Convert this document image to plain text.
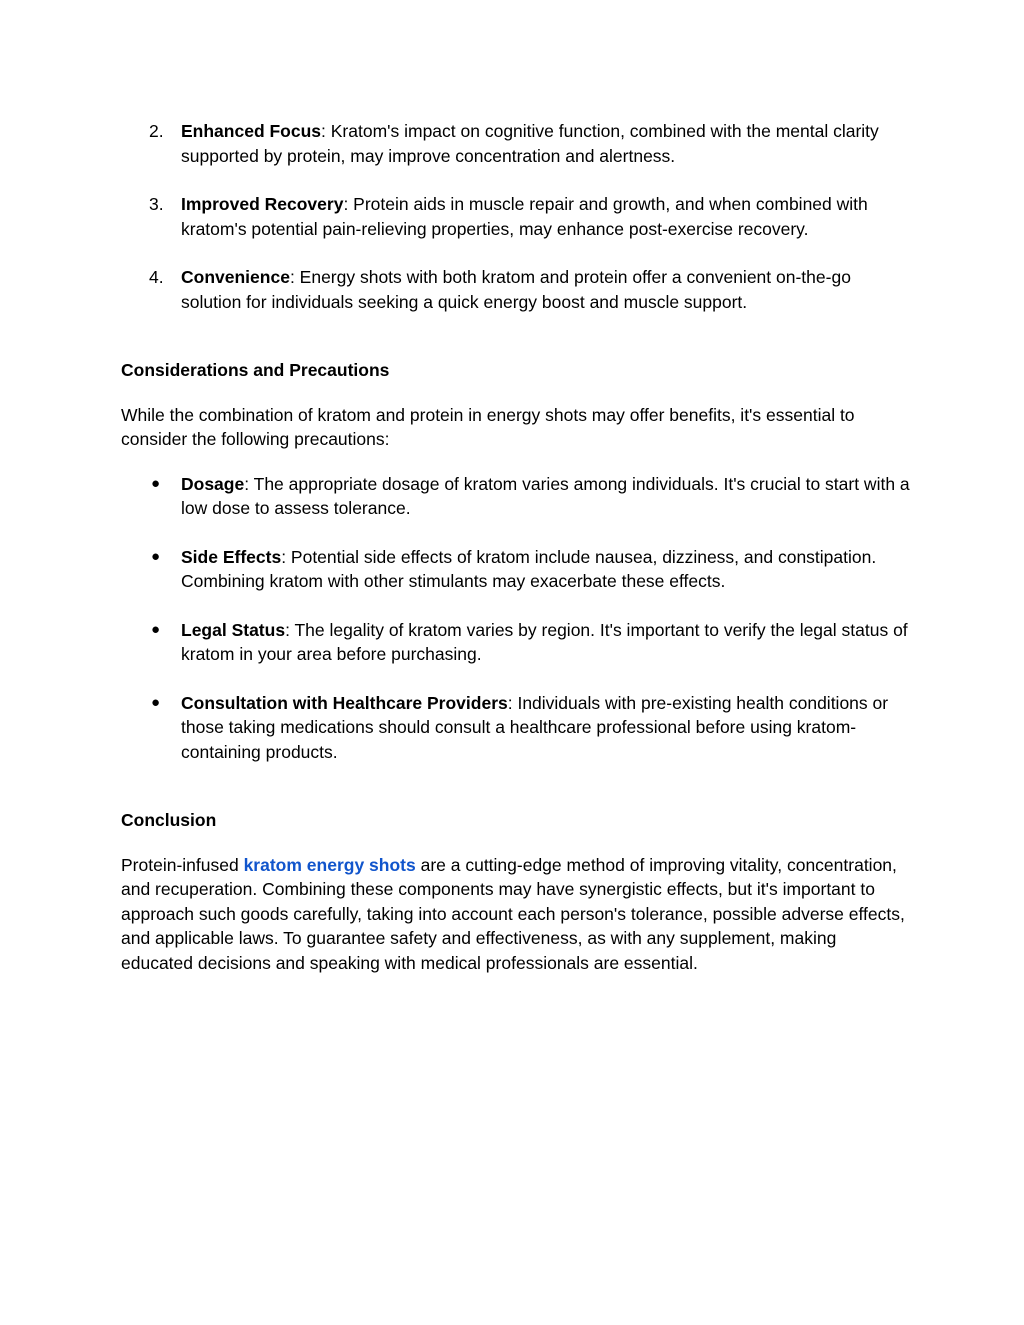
2. Enhanced Focus: Kratom's impact on cognitive function, combined with the mental clarity supported by protein, may improve concentration and alertness.
3. Improved Recovery: Protein aids in muscle repair and growth, and when combined with kratom's potential pain-relieving properties, may enhance post-exercise recovery.
4. Convenience: Energy shots with both kratom and protein offer a convenient on-the-go solution for individuals seeking a quick energy boost and muscle support.
Considerations and Precautions

While the combination of kratom and protein in energy shots may offer benefits, it's essential to consider the following precautions:

● Dosage: The appropriate dosage of kratom varies among individuals. It's crucial to start with a low dose to assess tolerance.
● Side Effects: Potential side effects of kratom include nausea, dizziness, and constipation. Combining kratom with other stimulants may exacerbate these effects.
● Legal Status: The legality of kratom varies by region. It's important to verify the legal status of kratom in your area before purchasing.
● Consultation with Healthcare Providers: Individuals with pre-existing health conditions or those taking medications should consult a healthcare professional before using kratom-containing products.
Conclusion

Protein-infused kratom energy shots are a cutting-edge method of improving vitality, concentration, and recuperation. Combining these components may have synergistic effects, but it's important to approach such goods carefully, taking into account each person's tolerance, possible adverse effects, and applicable laws. To guarantee safety and effectiveness, as with any supplement, making educated decisions and speaking with medical professionals are essential.
